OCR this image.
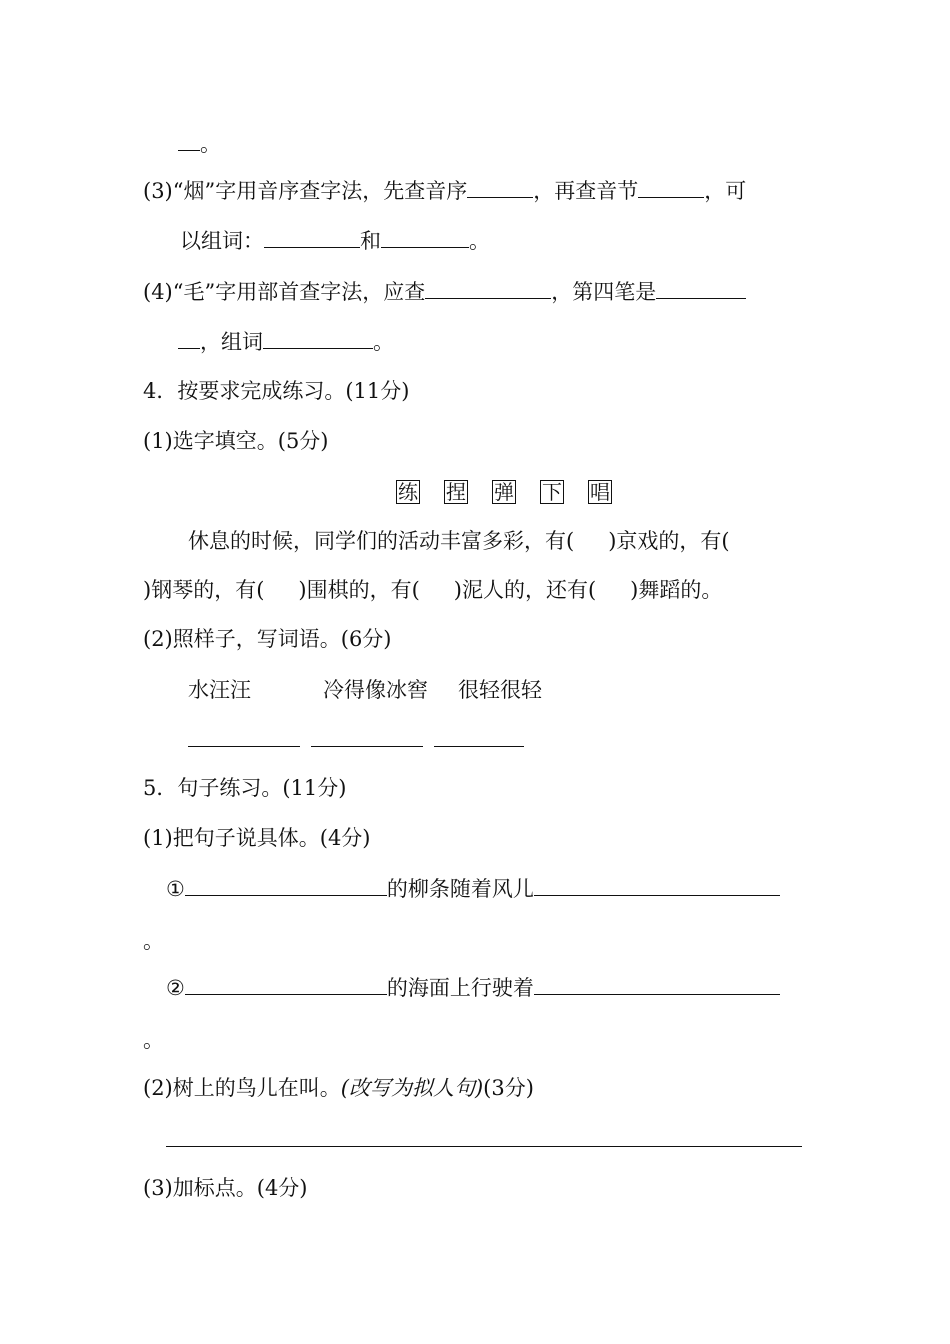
。
(3)“烟”字用音序查字法，先查音序	，再查音节	，可
以组词：	和	。
(4)“毛”字用部首查字法，应查	，第四笔是
，组词	。
4．按要求完成练习。(11分)
(1)选字填空。(5分)
练 捏 弹 下 唱
休息的时候，同学们的活动丰富多彩，有( )京戏的，有(
)钢琴的，有( )围棋的，有( )泥人的，还有( )舞蹈的。
(2)照样子，写词语。(6分)
水汪汪	冷得像冰窖 很轻很轻
5．句子练习。(11分)
(1)把句子说具体。(4分)
①	的柳条随着风儿
。
②	的海面上行驶着
。
(2)树上的鸟儿在叫。(改写为拟人句)(3分)
(3)加标点。(4分)
